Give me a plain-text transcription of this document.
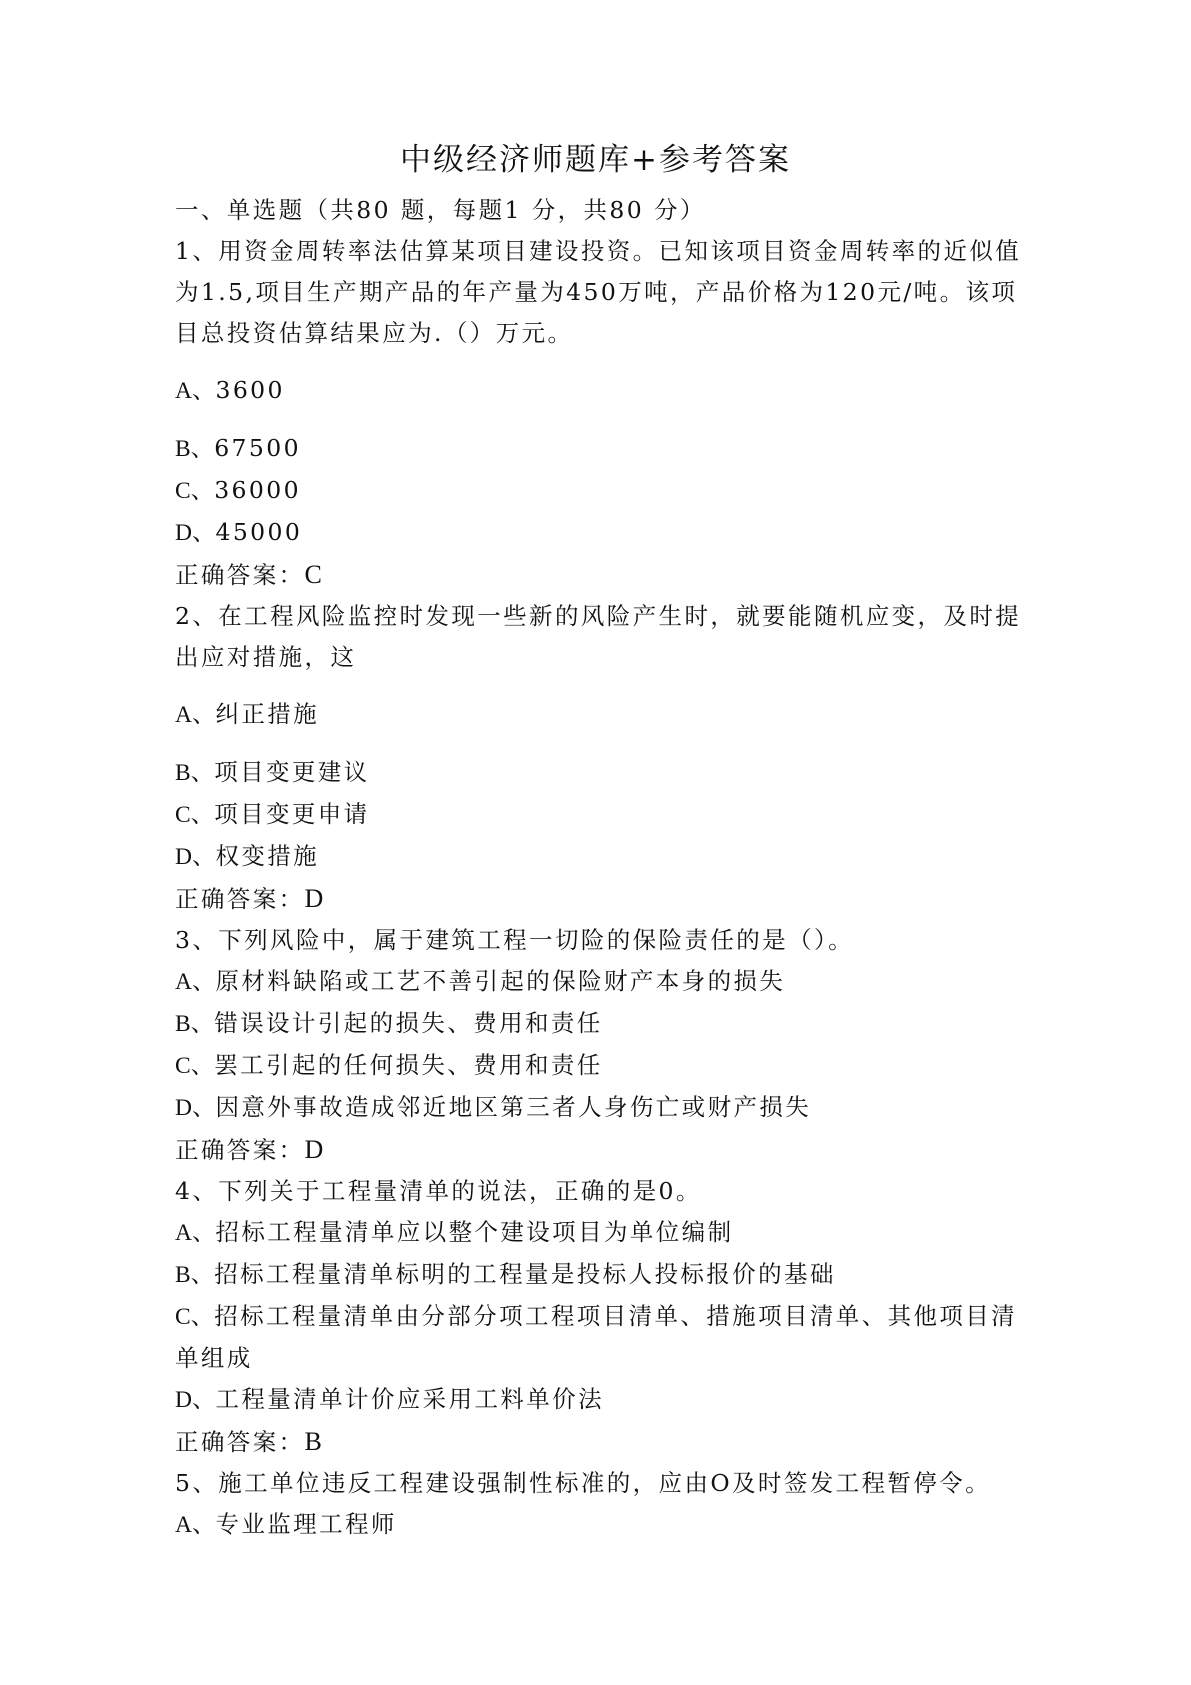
中级经济师题库+参考答案
一、单选题（共80 题，每题1 分，共80 分）
1、用资金周转率法估算某项目建设投资。已知该项目资金周转率的近似值为1.5,项目生产期产品的年产量为450万吨，产品价格为120元/吨。该项目总投资估算结果应为.（）万元。
A、3600
B、67500
C、36000
D、45000
正确答案：C
2、在工程风险监控时发现一些新的风险产生时，就要能随机应变，及时提出应对措施，这
A、纠正措施
B、项目变更建议
C、项目变更申请
D、权变措施
正确答案：D
3、下列风险中，属于建筑工程一切险的保险责任的是（）。
A、原材料缺陷或工艺不善引起的保险财产本身的损失
B、错误设计引起的损失、费用和责任
C、罢工引起的任何损失、费用和责任
D、因意外事故造成邻近地区第三者人身伤亡或财产损失
正确答案：D
4、下列关于工程量清单的说法，正确的是0。
A、招标工程量清单应以整个建设项目为单位编制
B、招标工程量清单标明的工程量是投标人投标报价的基础
C、招标工程量清单由分部分项工程项目清单、措施项目清单、其他项目清单组成
D、工程量清单计价应采用工料单价法
正确答案：B
5、施工单位违反工程建设强制性标准的，应由O及时签发工程暂停令。
A、专业监理工程师
